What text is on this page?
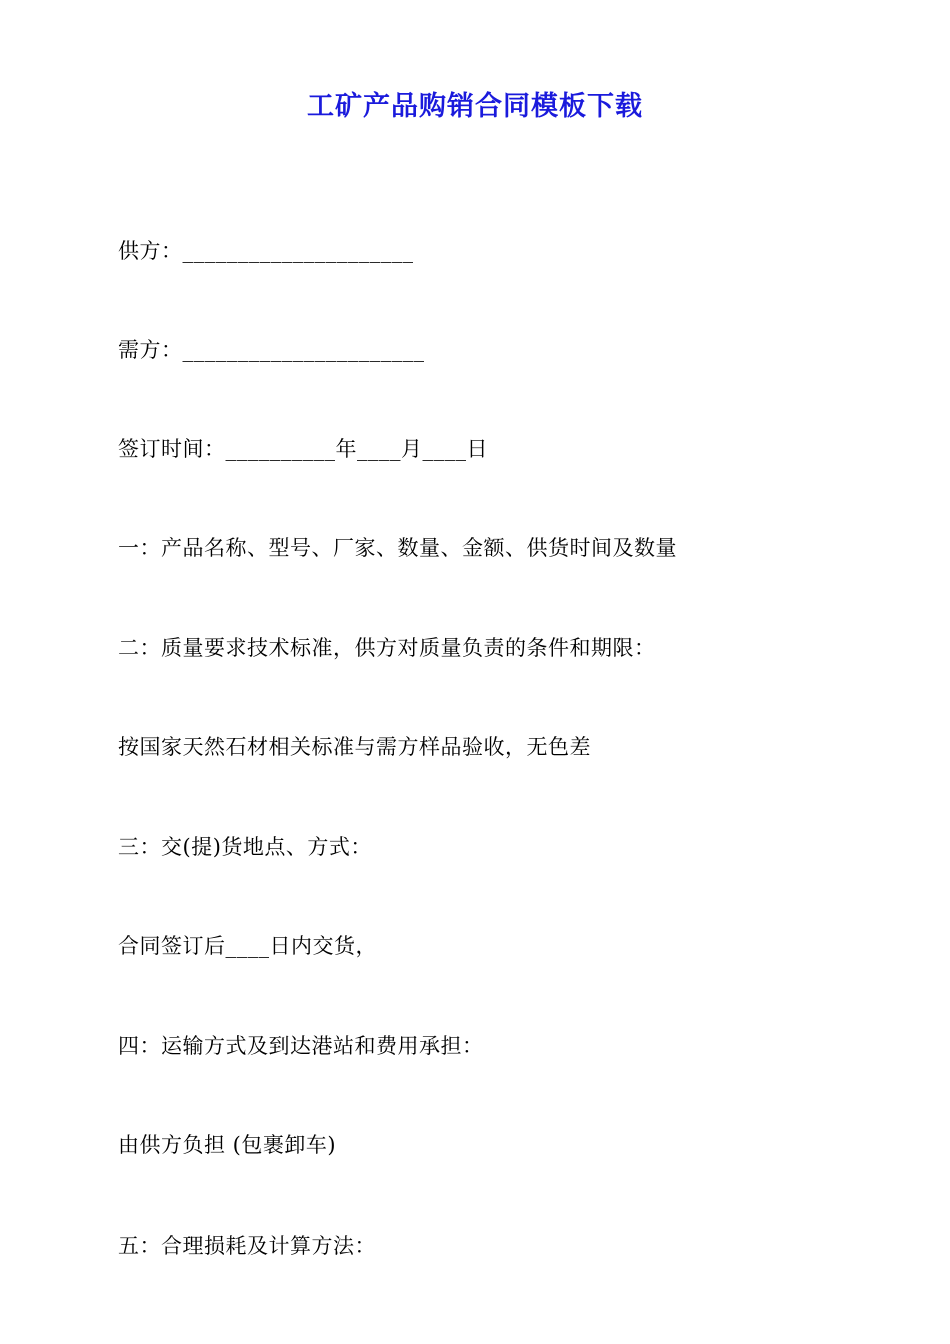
工矿产品购销合同模板下载
供方：_____________________
需方：______________________
签订时间：__________年____月____日
一：产品名称、型号、厂家、数量、金额、供货时间及数量
二：质量要求技术标准，供方对质量负责的条件和期限：
按国家天然石材相关标准与需方样品验收，无色差
三：交(提)货地点、方式：
合同签订后____日内交货，
四：运输方式及到达港站和费用承担：
由供方负担 (包裹卸车)
五：合理损耗及计算方法：
